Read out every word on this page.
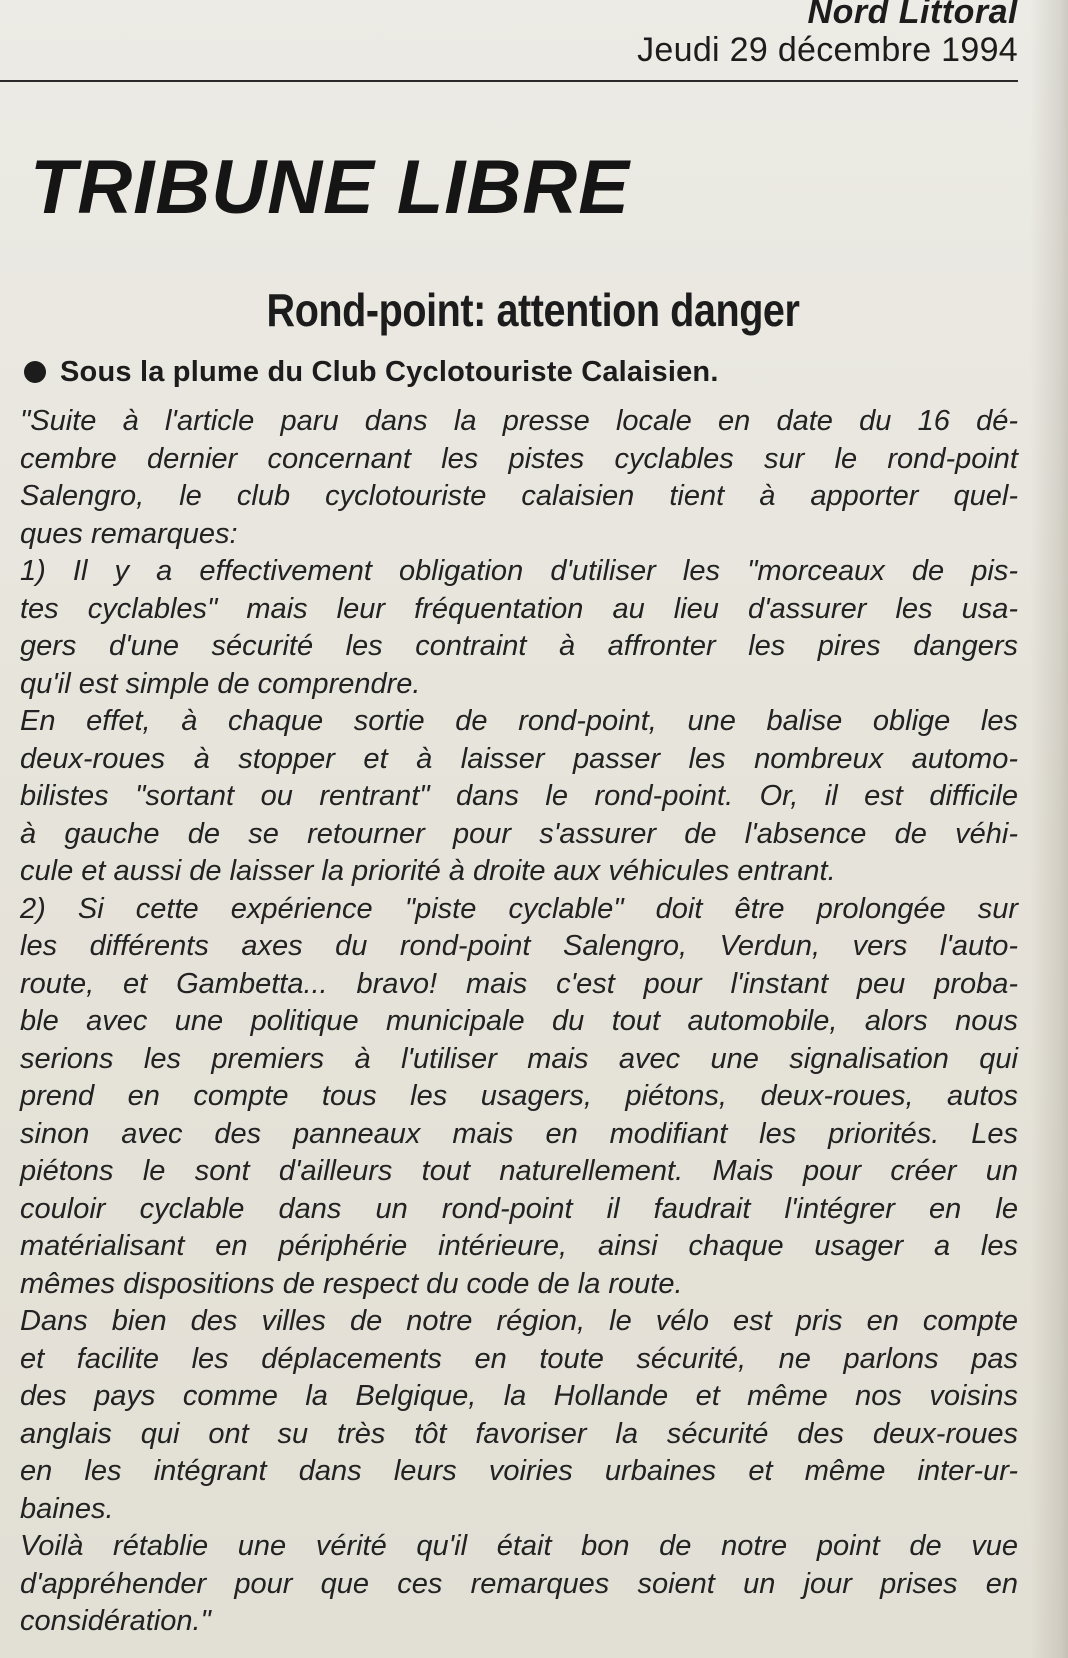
Nord Littoral
Jeudi 29 décembre 1994
TRIBUNE LIBRE
Rond-point: attention danger
Sous la plume du Club Cyclotouriste Calaisien.
"Suite à l'article paru dans la presse locale en date du 16 dé-
cembre dernier concernant les pistes cyclables sur le rond-point
Salengro, le club cyclotouriste calaisien tient à apporter quel-
ques remarques:
1) Il y a effectivement obligation d'utiliser les "morceaux de pis-
tes cyclables" mais leur fréquentation au lieu d'assurer les usa-
gers d'une sécurité les contraint à affronter les pires dangers
qu'il est simple de comprendre.
En effet, à chaque sortie de rond-point, une balise oblige les
deux-roues à stopper et à laisser passer les nombreux automo-
bilistes "sortant ou rentrant" dans le rond-point. Or, il est difficile
à gauche de se retourner pour s'assurer de l'absence de véhi-
cule et aussi de laisser la priorité à droite aux véhicules entrant.
2) Si cette expérience "piste cyclable" doit être prolongée sur
les différents axes du rond-point Salengro, Verdun, vers l'auto-
route, et Gambetta... bravo! mais c'est pour l'instant peu proba-
ble avec une politique municipale du tout automobile, alors nous
serions les premiers à l'utiliser mais avec une signalisation qui
prend en compte tous les usagers, piétons, deux-roues, autos
sinon avec des panneaux mais en modifiant les priorités. Les
piétons le sont d'ailleurs tout naturellement. Mais pour créer un
couloir cyclable dans un rond-point il faudrait l'intégrer en le
matérialisant en périphérie intérieure, ainsi chaque usager a les
mêmes dispositions de respect du code de la route.
Dans bien des villes de notre région, le vélo est pris en compte
et facilite les déplacements en toute sécurité, ne parlons pas
des pays comme la Belgique, la Hollande et même nos voisins
anglais qui ont su très tôt favoriser la sécurité des deux-roues
en les intégrant dans leurs voiries urbaines et même inter-ur-
baines.
Voilà rétablie une vérité qu'il était bon de notre point de vue
d'appréhender pour que ces remarques soient un jour prises en
considération."
